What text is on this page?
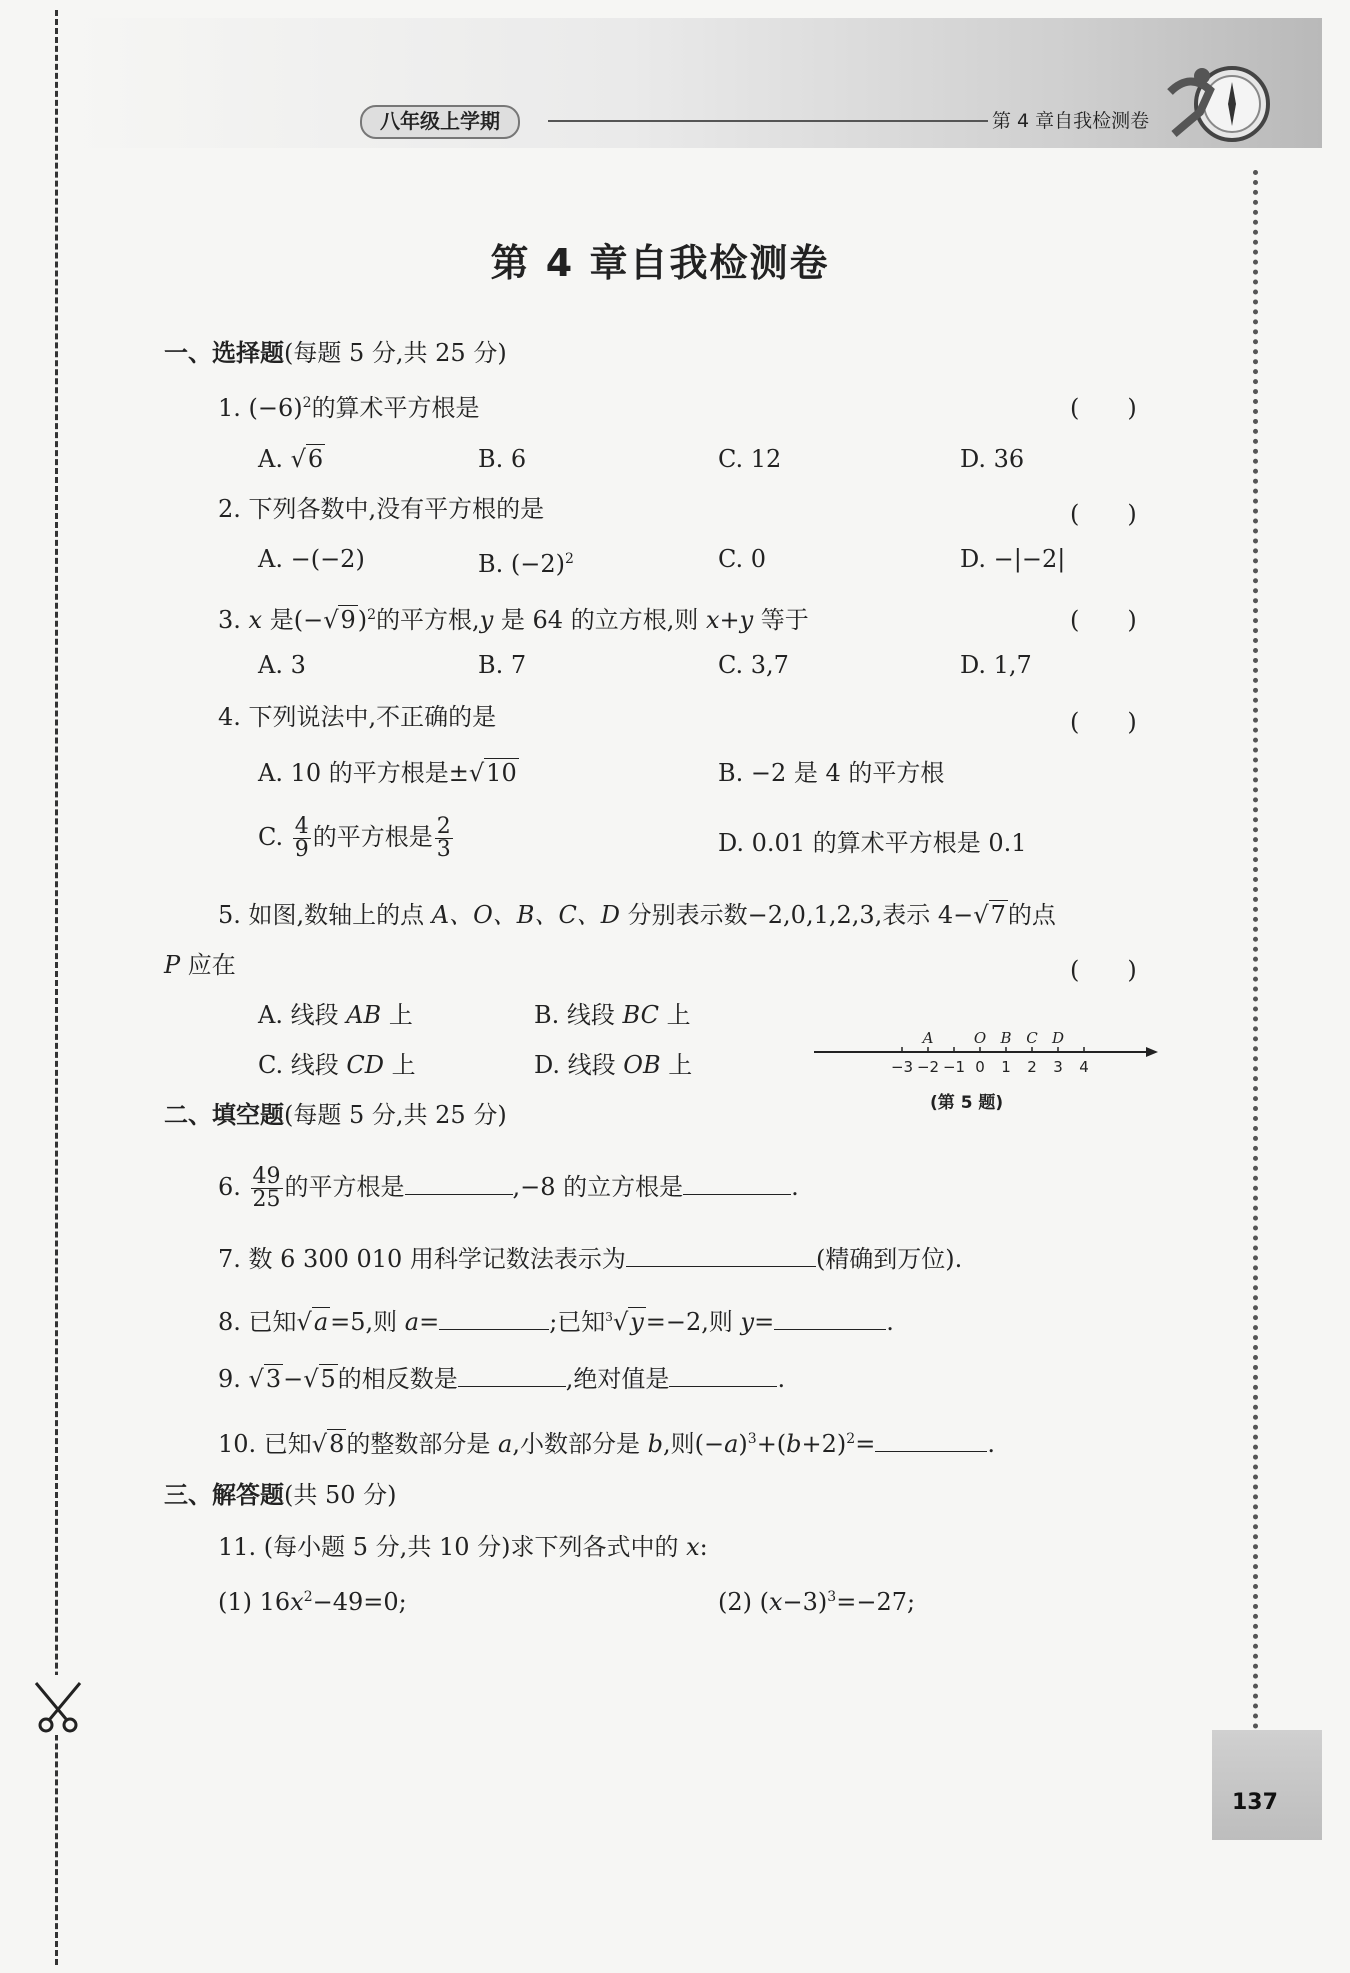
八年级上学期	第 4 章自我检测卷
137
第 4 章自我检测卷
一、选择题(每题 5 分,共 25 分)
1. $(-6)^2$的算术平方根是	(　　)
A. √6	B. 6	C. 12	D. 36
2. 下列各数中,没有平方根的是	(　　)
A. −(−2)	B. $(-2)^2$	C. 0	D. −|−2|
3. x 是$(-√9)^2$的平方根,y 是 64 的立方根,则 x+y 等于	(　　)
A. 3	B. 7	C. 3,7	D. 1,7
4. 下列说法中,不正确的是	(　　)
A. 10 的平方根是±√10	B. −2 是 4 的平方根
C. $\frac{4}{9}$ 的平方根是 $\frac{2}{3}$	D. 0.01 的算术平方根是 0.1
5. 如图,数轴上的点 A、O、B、C、D 分别表示数−2,0,1,2,3,表示 4−√7的点
P 应在	(　　)
A. 线段 AB 上	B. 线段 BC 上
C. 线段 CD 上	D. 线段 OB 上	−3 −2 −1 0 1 2 3 4
A	O B C D
(第 5 题)
二、填空题(每题 5 分,共 25 分)
6. $\frac{49}{25}$ 的平方根是	,−8 的立方根是	.
7. 数 6 300 010 用科学记数法表示为	(精确到万位).
8. 已知√a=5,则 a=	;已知$^3$√y=−2,则 y=	.
9. √3−√5的相反数是	,绝对值是	.
10. 已知√8的整数部分是 a,小数部分是 b,则$(-a)^3+(b+2)^2=$	.
三、解答题(共 50 分)
11. (每小题 5 分,共 10 分)求下列各式中的 x:
(1) $16x^2-49=0$;	(2) $(x-3)^3=-27$;
